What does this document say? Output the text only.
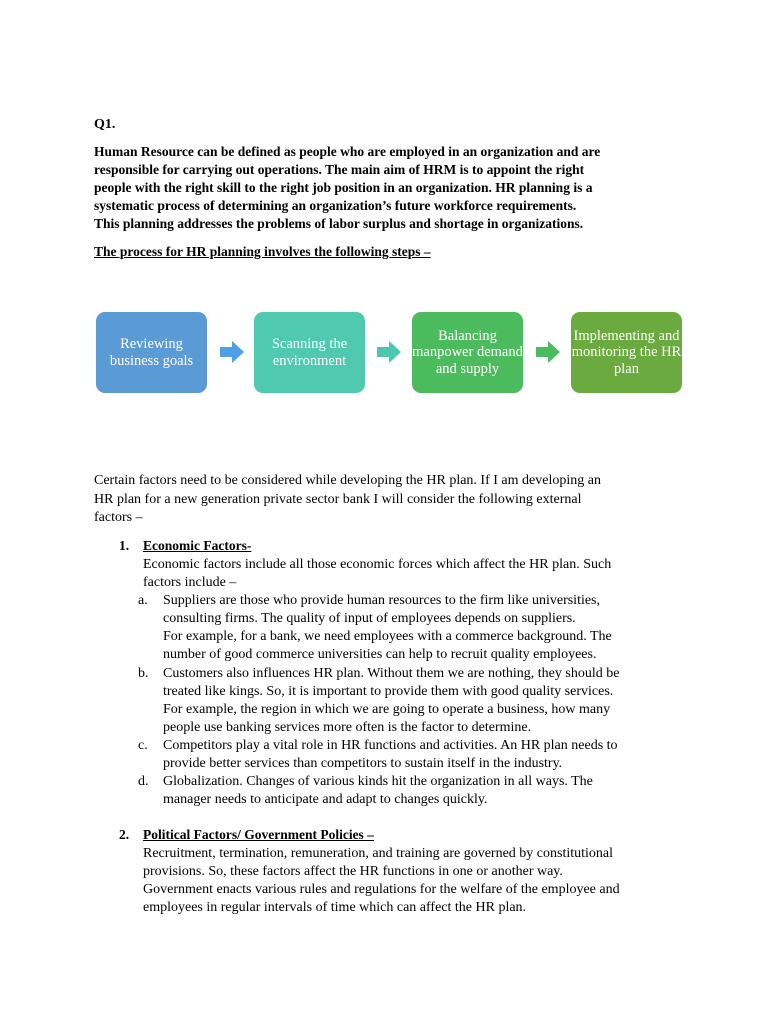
Q1.
Human Resource can be defined as people who are employed in an organization and are
responsible for carrying out operations. The main aim of HRM is to appoint the right
people with the right skill to the right job position in an organization. HR planning is a
systematic process of determining an organization’s future workforce requirements.
This planning addresses the problems of labor surplus and shortage in organizations.
The process for HR planning involves the following steps –
Reviewing business goals
Scanning the environment
Balancing manpower demand and supply
Implementing and monitoring the HR plan
Certain factors need to be considered while developing the HR plan. If I am developing an
HR plan for a new generation private sector bank I will consider the following external
factors –
1. Economic Factors-
Economic factors include all those economic forces which affect the HR plan. Such
factors include –
a. Suppliers are those who provide human resources to the firm like universities,
consulting firms. The quality of input of employees depends on suppliers.
For example, for a bank, we need employees with a commerce background. The
number of good commerce universities can help to recruit quality employees.
b. Customers also influences HR plan. Without them we are nothing, they should be
treated like kings. So, it is important to provide them with good quality services.
For example, the region in which we are going to operate a business, how many
people use banking services more often is the factor to determine.
c. Competitors play a vital role in HR functions and activities. An HR plan needs to
provide better services than competitors to sustain itself in the industry.
d. Globalization. Changes of various kinds hit the organization in all ways. The
manager needs to anticipate and adapt to changes quickly.
2. Political Factors/ Government Policies –
Recruitment, termination, remuneration, and training are governed by constitutional
provisions. So, these factors affect the HR functions in one or another way.
Government enacts various rules and regulations for the welfare of the employee and
employees in regular intervals of time which can affect the HR plan.
